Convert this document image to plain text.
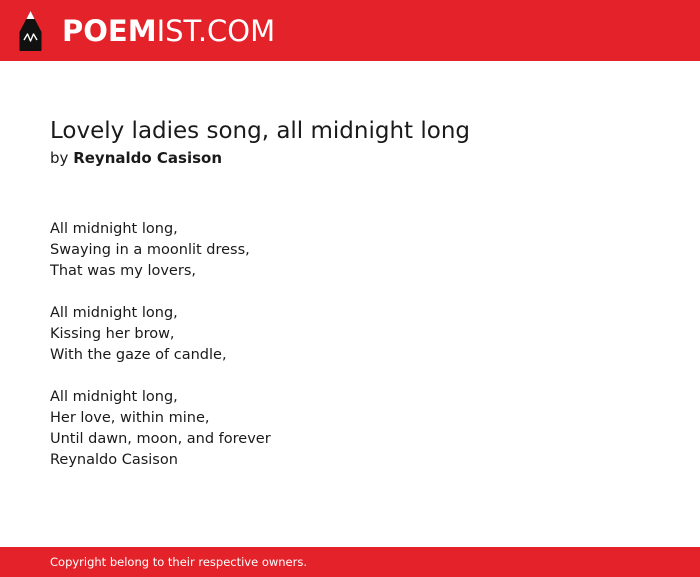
POEMIST.COM
Lovely ladies song, all midnight long
by Reynaldo Casison
All midnight long,
Swaying in a moonlit dress,
That was my lovers,
All midnight long,
Kissing her brow,
With the gaze of candle,
All midnight long,
Her love, within mine,
Until dawn, moon, and forever
Reynaldo Casison
Copyright belong to their respective owners.
